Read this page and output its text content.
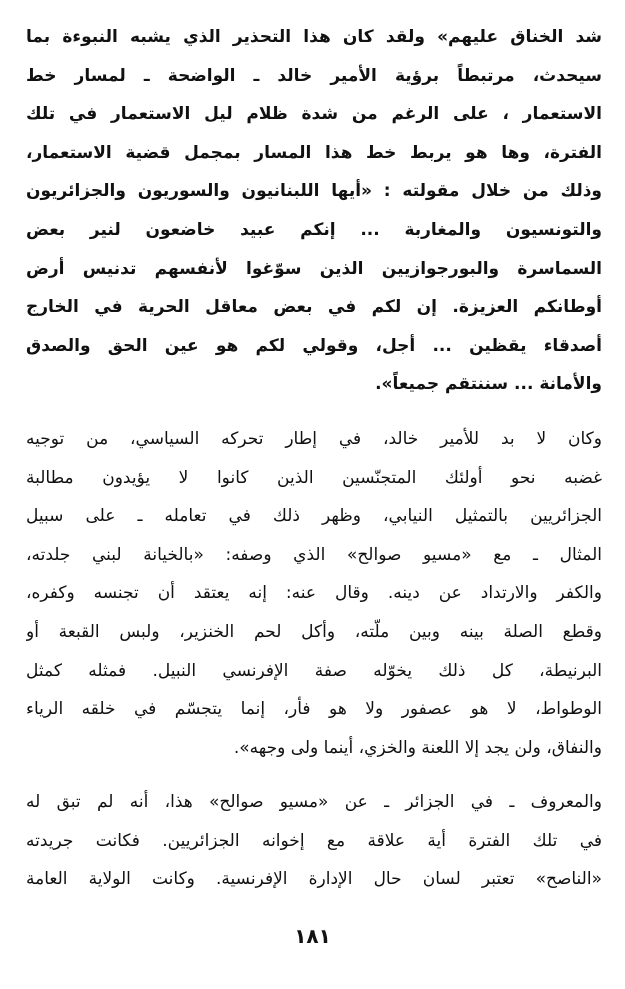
شد الخناق عليهم» ولقد كان هذا التحذير الذي يشبه النبوءة بما
سيحدث، مرتبطاً برؤية الأمير خالد ـ الواضحة ـ لمسار خط
الاستعمار ، على الرغم من شدة ظلام ليل الاستعمار في تلك
الفترة، وها هو يربط خط هذا المسار بمجمل قضية الاستعمار،
وذلك من خلال مقولته : «أيها اللبنانيون والسوريون والجزائريون
والتونسيون والمغاربة ... إنكم عبيد خاضعون لنير بعض
السماسرة والبورجوازيين الذين سوّغوا لأنفسهم تدنيس أرض
أوطانكم العزيزة. إن لكم في بعض معاقل الحرية في الخارج
أصدقاء يقظين ... أجل، وقولي لكم هو عين الحق والصدق
والأمانة ... سننتقم جميعاً».
وكان لا بد للأمير خالد، في إطار تحركه السياسي، من توجيه
غضبه نحو أولئك المتجنّسين الذين كانوا لا يؤيدون مطالبة
الجزائريين بالتمثيل النيابي، وظهر ذلك في تعامله ـ على سبيل
المثال ـ مع «مسيو صوالح» الذي وصفه: «بالخيانة لبني جلدته،
والكفر والارتداد عن دينه. وقال عنه: إنه يعتقد أن تجنسه وكفره،
وقطع الصلة بينه وبين ملّته، وأكل لحم الخنزير، ولبس القبعة أو
البرنيطة، كل ذلك يخوّله صفة الإفرنسي النبيل. فمثله كمثل
الوطواط، لا هو عصفور ولا هو فأر، إنما يتجسّم في خلقه الرياء
والنفاق، ولن يجد إلا اللعنة والخزي، أينما ولى وجهه».
والمعروف ـ في الجزائر ـ عن «مسيو صوالح» هذا، أنه لم تبق له
في تلك الفترة أية علاقة مع إخوانه الجزائريين. فكانت جريدته
«الناصح» تعتبر لسان حال الإدارة الإفرنسية. وكانت الولاية العامة
١٨١
